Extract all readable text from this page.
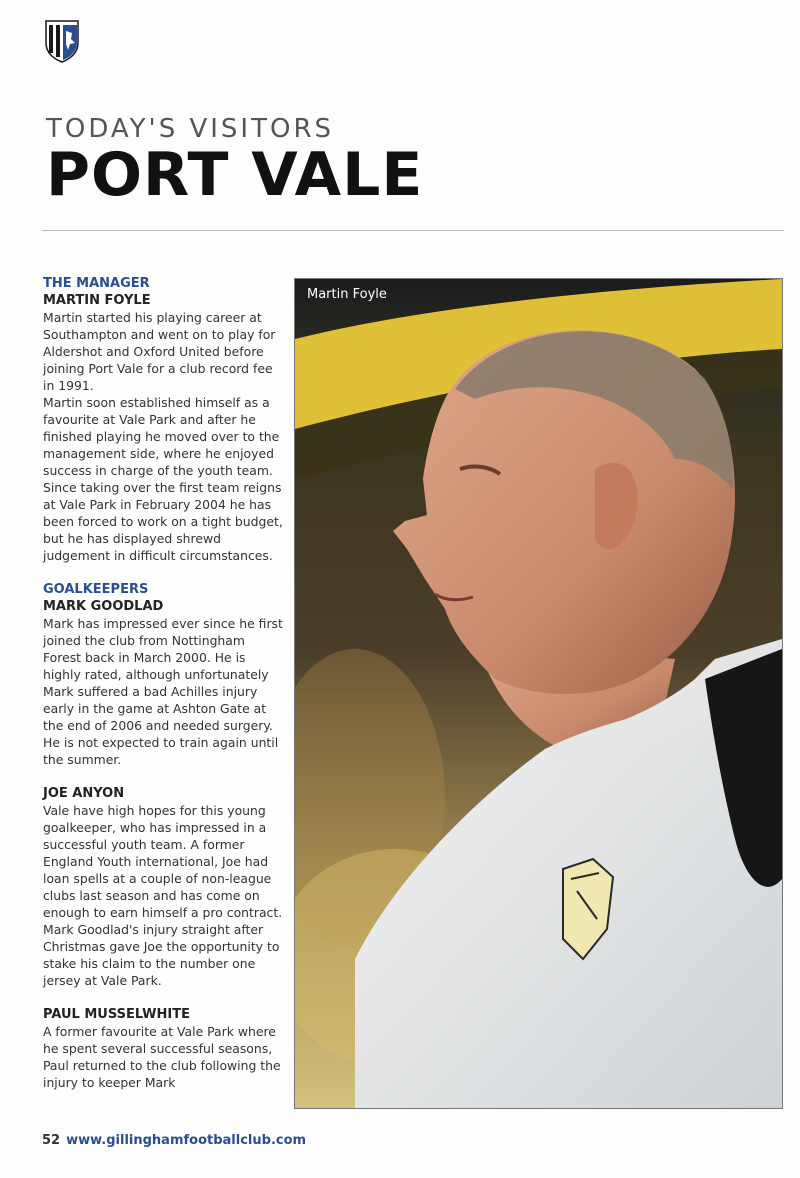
TODAY'S VISITORS
PORT VALE
THE MANAGER
MARTIN FOYLE

Martin started his playing career at Southampton and went on to play for Aldershot and Oxford United before joining Port Vale for a club record fee in 1991.

Martin soon established himself as a favourite at Vale Park and after he finished playing he moved over to the management side, where he enjoyed success in charge of the youth team. Since taking over the first team reigns at Vale Park in February 2004 he has been forced to work on a tight budget, but he has displayed shrewd judgement in difficult circumstances.

GOALKEEPERS
MARK GOODLAD

Mark has impressed ever since he first joined the club from Nottingham Forest back in March 2000. He is highly rated, although unfortunately Mark suffered a bad Achilles injury early in the game at Ashton Gate at the end of 2006 and needed surgery. He is not expected to train again until the summer.

JOE ANYON

Vale have high hopes for this young goalkeeper, who has impressed in a successful youth team. A former England Youth international, Joe had loan spells at a couple of non-league clubs last season and has come on enough to earn himself a pro contract. Mark Goodlad's injury straight after Christmas gave Joe the opportunity to stake his claim to the number one jersey at Vale Park.

PAUL MUSSELWHITE

A former favourite at Vale Park where he spent several successful seasons, Paul returned to the club following the injury to keeper Mark

Martin Foyle
52 www.gillinghamfootballclub.com
